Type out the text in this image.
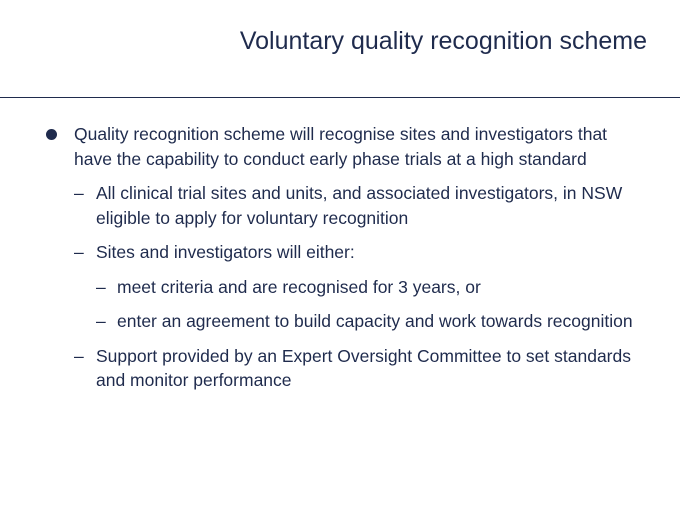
Voluntary quality recognition scheme
Quality recognition scheme will recognise sites and investigators that have the capability to conduct early phase trials at a high standard
– All clinical trial sites and units, and associated investigators, in NSW eligible to apply for voluntary recognition
– Sites and investigators will either:
– meet criteria and are recognised for 3 years, or
– enter an agreement to build capacity and work towards recognition
– Support provided by an Expert Oversight Committee to set standards and monitor performance
